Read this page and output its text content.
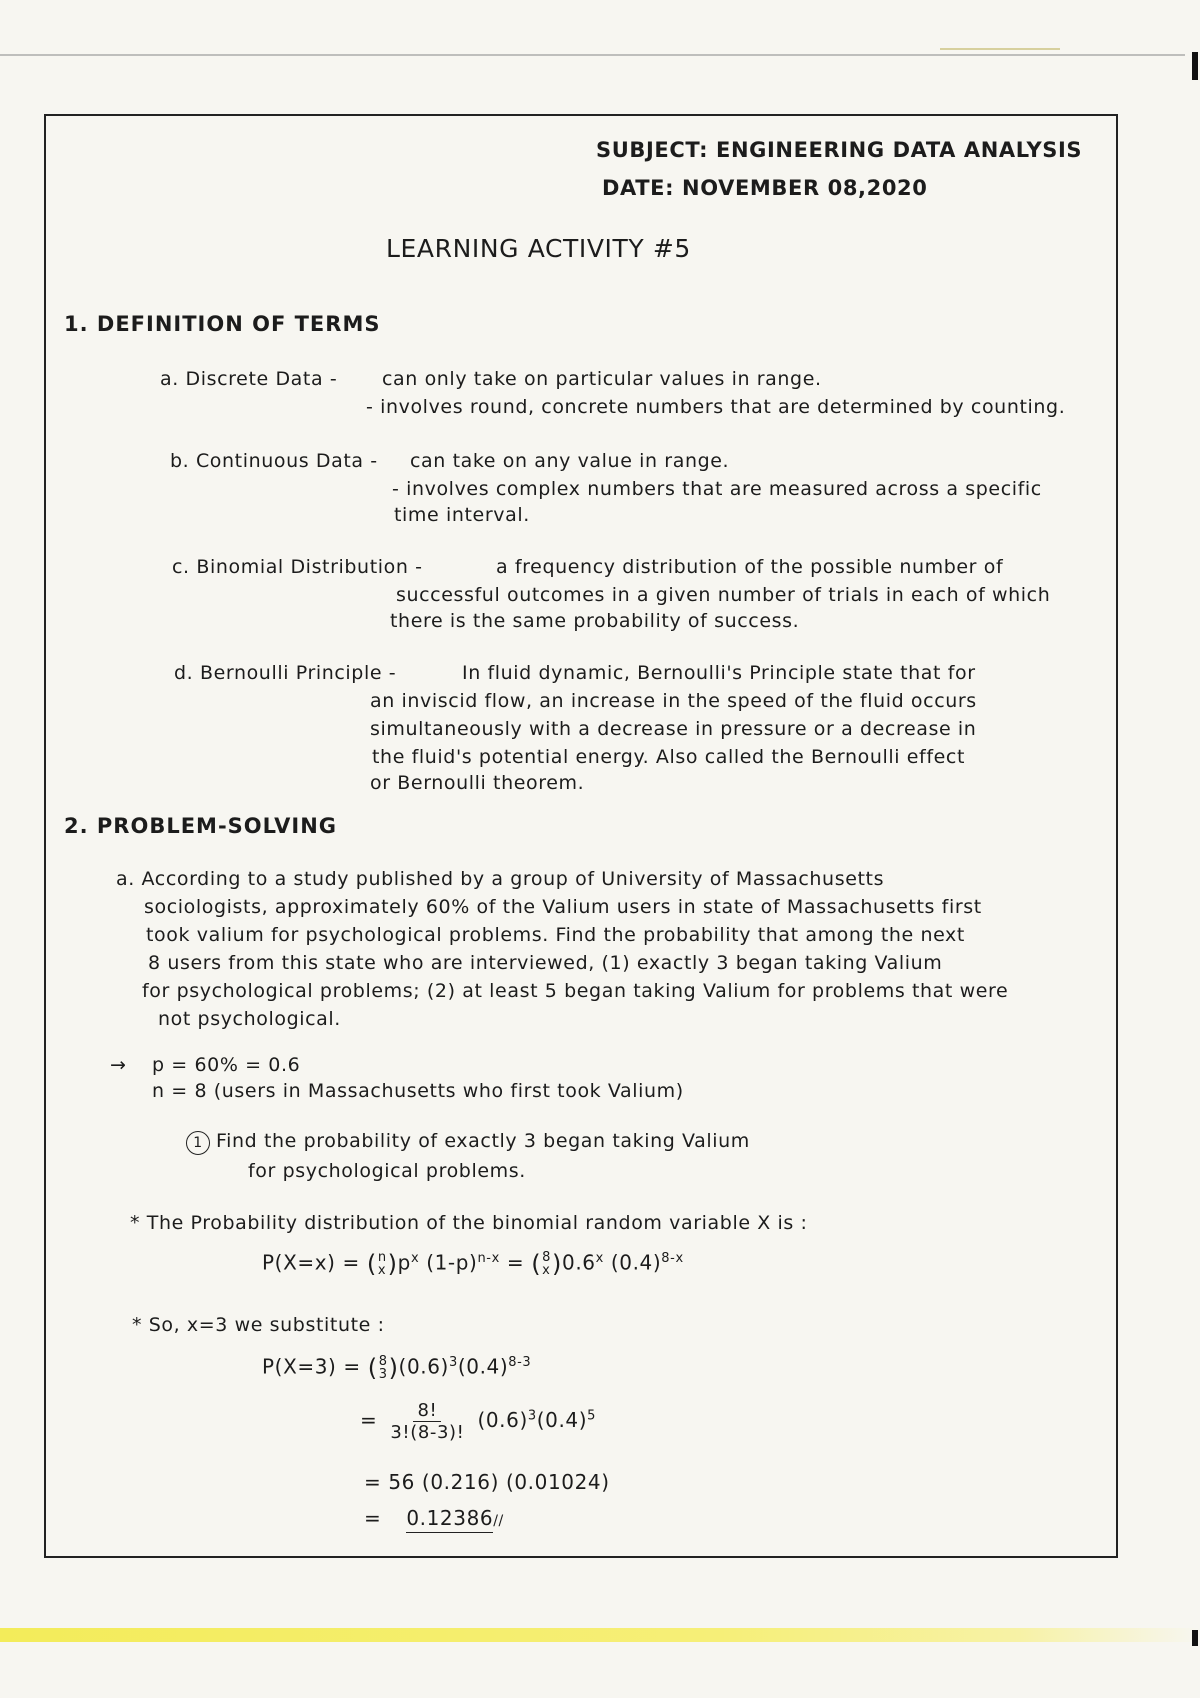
SUBJECT: ENGINEERING DATA ANALYSIS
DATE: NOVEMBER 08,2020
LEARNING ACTIVITY #5
1. DEFINITION OF TERMS
a. Discrete Data - can only take on particular values in range.
- involves round, concrete numbers that are determined by counting.
b. Continuous Data - can take on any value in range.
- involves complex numbers that are measured across a specific
time interval.
c. Binomial Distribution -	a frequency distribution of the possible number of
successful outcomes in a given number of trials in each of which
there is the same probability of success.
d. Bernoulli Principle -	In fluid dynamic, Bernoulli's Principle state that for
an inviscid flow, an increase in the speed of the fluid occurs
simultaneously with a decrease in pressure or a decrease in
the fluid's potential energy. Also called the Bernoulli effect
or Bernoulli theorem.
2. PROBLEM-SOLVING
a. According to a study published by a group of University of Massachusetts
sociologists, approximately 60% of the Valium users in state of Massachusetts first
took valium for psychological problems. Find the probability that among the next
8 users from this state who are interviewed, (1) exactly 3 began taking Valium
for psychological problems; (2) at least 5 began taking Valium for problems that were
not psychological.
→ p = 60% = 0.6
n = 8 (users in Massachusetts who first took Valium)
1 Find the probability of exactly 3 began taking Valium
for psychological problems.
* The Probability distribution of the binomial random variable X is :
P(X=x) = ( n
x )$p^x$ $(1-p)^{n-x}$ = ( 8
x )0.6$^x$ $(0.4)^{8-x}$
* So, x=3 we substitute :
P(X=3) = ( 8
3 )$(0.6)^3(0.4)^{8-3}$
= $\frac{8!}{3!(8-3)!} (0.6)^3(0.4)^5$
= 56 (0.216) (0.01024)
= 0.12386//
